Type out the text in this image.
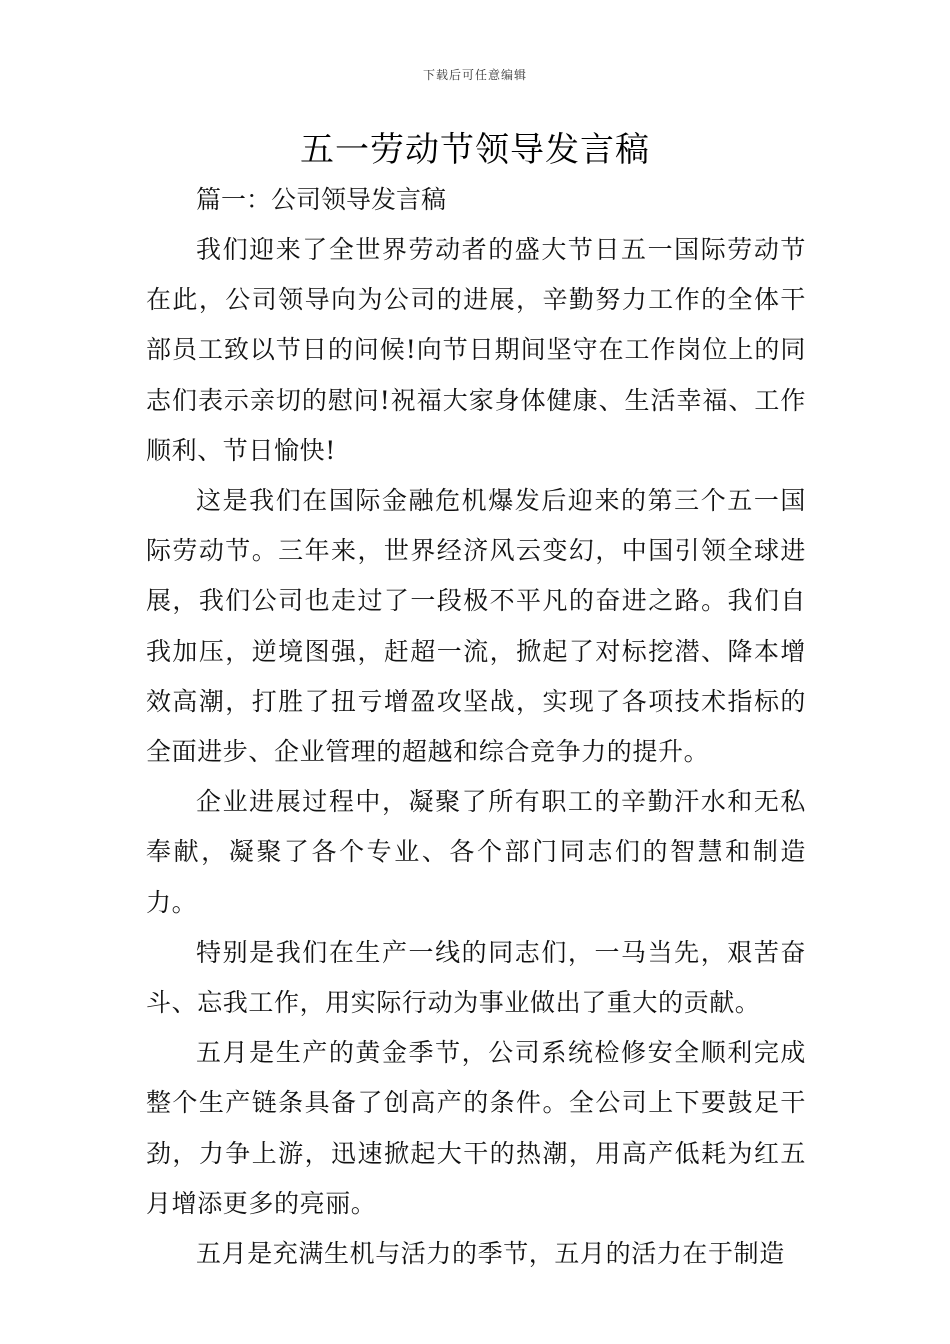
下载后可任意编辑
五一劳动节领导发言稿
篇一：公司领导发言稿

我们迎来了全世界劳动者的盛大节日五一国际劳动节在此，公司领导向为公司的进展，辛勤努力工作的全体干部员工致以节日的问候!向节日期间坚守在工作岗位上的同志们表示亲切的慰问!祝福大家身体健康、生活幸福、工作顺利、节日愉快!

这是我们在国际金融危机爆发后迎来的第三个五一国际劳动节。三年来，世界经济风云变幻，中国引领全球进展，我们公司也走过了一段极不平凡的奋进之路。我们自我加压，逆境图强，赶超一流，掀起了对标挖潜、降本增效高潮，打胜了扭亏增盈攻坚战，实现了各项技术指标的全面进步、企业管理的超越和综合竞争力的提升。

企业进展过程中，凝聚了所有职工的辛勤汗水和无私奉献，凝聚了各个专业、各个部门同志们的智慧和制造力。

特别是我们在生产一线的同志们，一马当先，艰苦奋斗、忘我工作，用实际行动为事业做出了重大的贡献。

五月是生产的黄金季节，公司系统检修安全顺利完成整个生产链条具备了创高产的条件。全公司上下要鼓足干劲，力争上游，迅速掀起大干的热潮，用高产低耗为红五月增添更多的亮丽。

五月是充满生机与活力的季节，五月的活力在于制造
